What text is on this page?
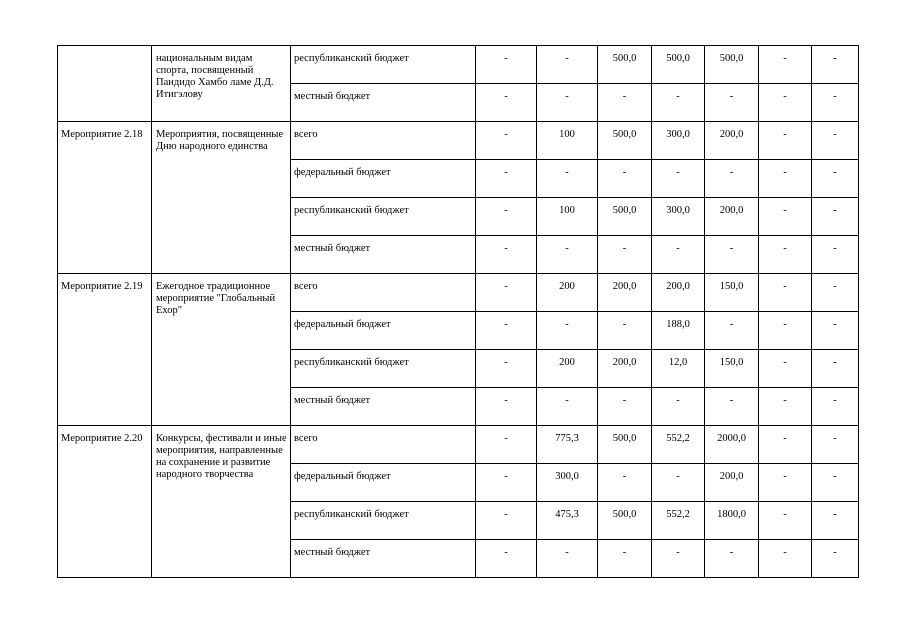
	национальным видам спорта, посвященный Пандидо Хамбо ламе Д.Д. Итигэлову	республиканский бюджет	-	-	500,0	500,0	500,0	-	-
		местный бюджет	-	-	-	-	-	-	-
Мероприятие 2.18	Мероприятия, посвященные Дню народного единства	всего	-	100	500,0	300,0	200,0	-	-
		федеральный бюджет	-	-	-	-	-	-	-
		республиканский бюджет	-	100	500,0	300,0	200,0	-	-
		местный бюджет	-	-	-	-	-	-	-
Мероприятие 2.19	Ежегодное традиционное мероприятие "Глобальный Ехор"	всего	-	200	200,0	200,0	150,0	-	-
		федеральный бюджет	-	-	-	188,0	-	-	-
		республиканский бюджет	-	200	200,0	12,0	150,0	-	-
		местный бюджет	-	-	-	-	-	-	-
Мероприятие 2.20	Конкурсы, фестивали и иные мероприятия, направленные на сохранение и развитие народного творчества	всего	-	775,3	500,0	552,2	2000,0	-	-
		федеральный бюджет	-	300,0	-	-	200,0	-	-
		республиканский бюджет	-	475,3	500,0	552,2	1800,0	-	-
		местный бюджет	-	-	-	-	-	-	-
